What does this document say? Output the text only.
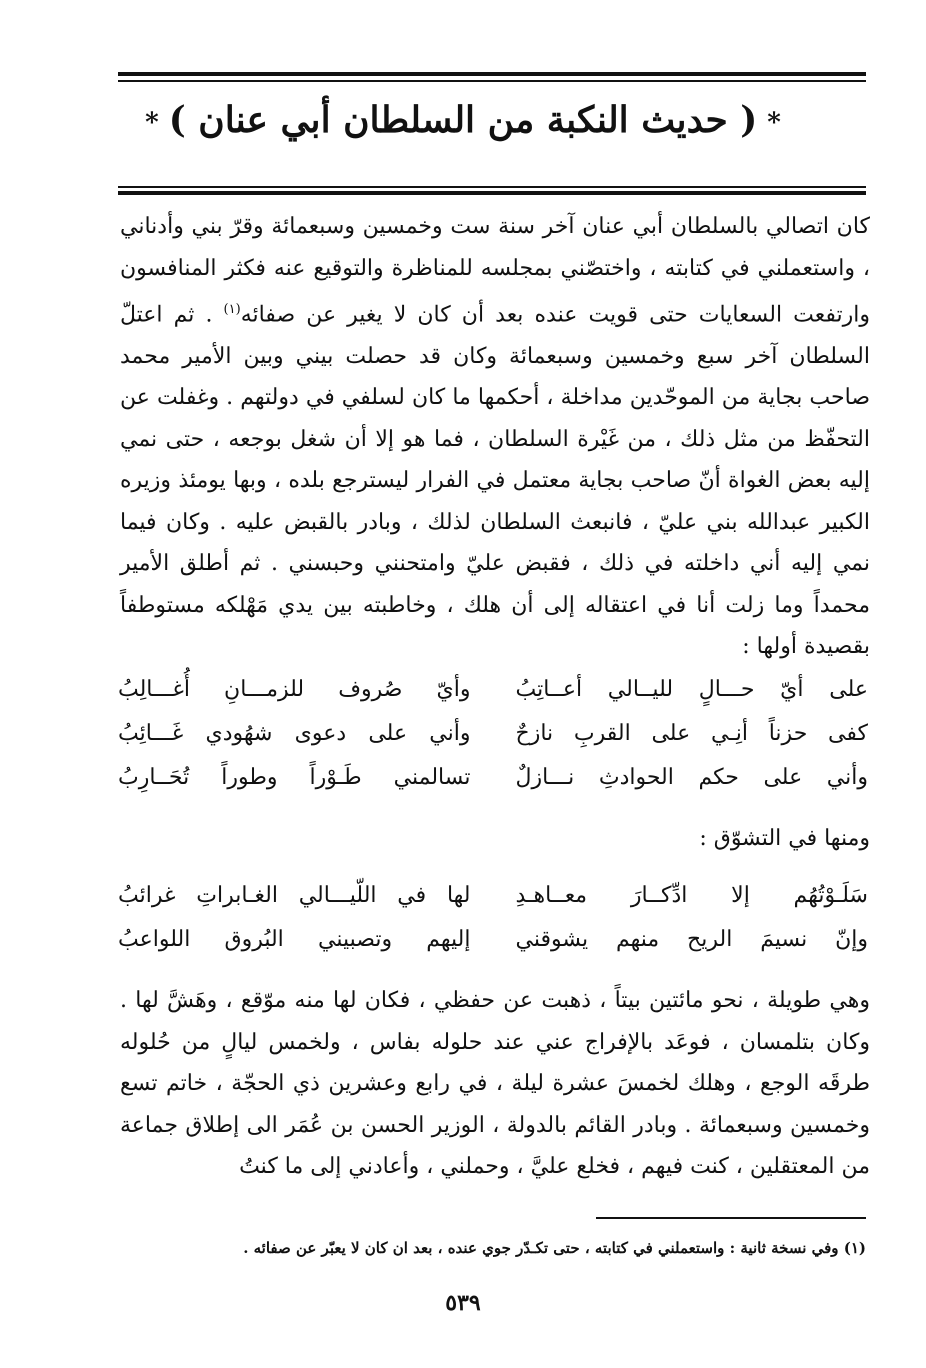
*( حديث النكبة من السلطان أبي عنان )*
كان اتصالي بالسلطان أبي عنان آخر سنة ست وخمسين وسبعمائة وقرّ بني وأدناني ، واستعملني في كتابته ، واختصّني بمجلسه للمناظرة والتوقيع عنه فكثر المنافسون وارتفعت السعايات حتى قويت عنده بعد أن كان لا يغير عن صفائه$^{(١)}$ . ثم اعتلّ السلطان آخر سبع وخمسين وسبعمائة وكان قد حصلت بيني وبين الأمير محمد صاحب بجاية من الموحّدين مداخلة ، أحكمها ما كان لسلفي في دولتهم . وغفلت عن التحفّظ من مثل ذلك ، من غَيْرة السلطان ، فما هو إلا أن شغل بوجعه ، حتى نمي إليه بعض الغواة أنّ صاحب بجاية معتمل في الفرار ليسترجع بلده ، وبها يومئذ وزيره الكبير عبدالله بني عليّ ، فانبعث السلطان لذلك ، وبادر بالقبض عليه . وكان فيما نمي إليه أني داخلته في ذلك ، فقبض عليّ وامتحنني وحبسني . ثم أطلق الأمير محمداً وما زلت أنا في اعتقاله إلى أن هلك ، وخاطبته بين يدي مَهْلكه مستوطفاً بقصيدة أولها :
على أيّ حـــالٍ لليــالي أعــاتِبُ
وأيّ صُروف للزمـــانِ أُغـــالِبُ
كفى حزناً أنِـي على القربِ نازحٌ
وأني على دعوى شهُودي غَـــائِبُ
وأني على حكم الحوادثِ نـــازلٌ
تسالمني طَـوْراً وطوراً تُحَــارِبُ
ومنها في التشوّق :
سَلَـوْتُهُم إلا ادِّكــارَ معــاهـدِ
لها في اللّيـــالي الغـابراتِ غرائبُ
وإنّ نسيمَ الريح منهم يشوقني
إليهم وتصبيني البُروق اللواعبُ
وهي طويلة ، نحو مائتين بيتاً ، ذهبت عن حفظي ، فكان لها منه موّقع ، وهَشَّ لها . وكان بتلمسان ، فوعَد بالإفراج عني عند حلوله بفاس ، ولخمس ليالٍ من حُلوله طرقَه الوجع ، وهلك لخمسَ عشرة ليلة ، في رابع وعشرين ذي الحجّة ، خاتم تسع وخمسين وسبعمائة . وبادر القائم بالدولة ، الوزير الحسن بن عُمَر الى إطلاق جماعة من المعتقلين ، كنت فيهم ، فخلع عليَّ ، وحملني ، وأعادني إلى ما كنتُ
(١) وفي نسخة ثانية : واستعملني في كتابته ، حتى تكـدّر جوي عنده ، بعد ان كان لا يعبّر عن صفائه .
٥٣٩
